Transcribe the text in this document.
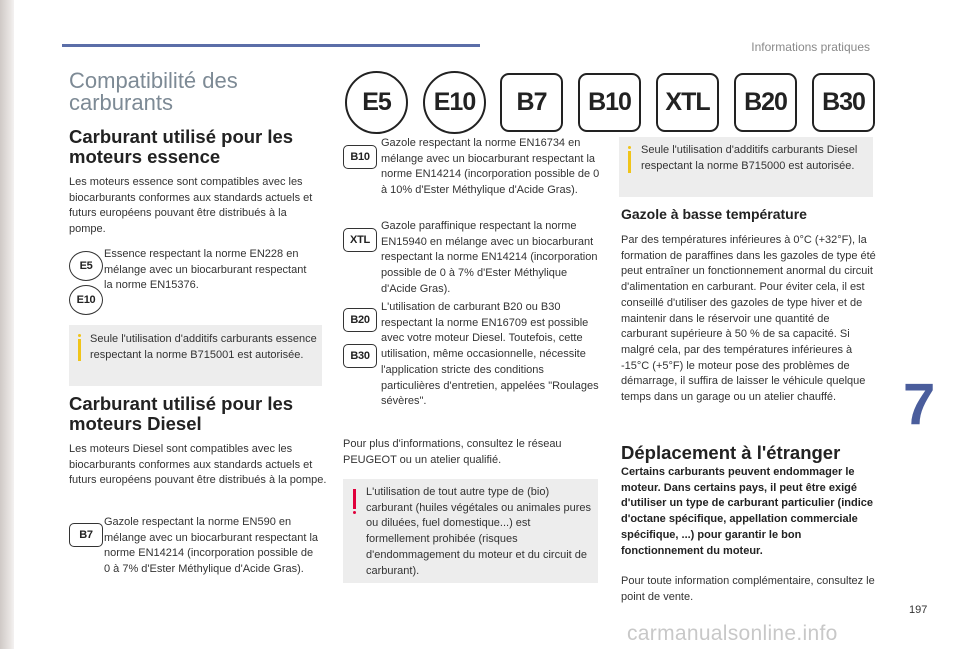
Informations pratiques
Compatibilité des carburants	E5	E10	B7	B10	XTL	B20	B30
Carburant utilisé pour les moteurs essence

Les moteurs essence sont compatibles avec les biocarburants conformes aux standards actuels et futurs européens pouvant être distribués à la pompe.

E5
E10

Essence respectant la norme EN228 en mélange avec un biocarburant respectant la norme EN15376.

Seule l'utilisation d'additifs carburants essence respectant la norme B715001 est autorisée.
Carburant utilisé pour les moteurs Diesel

Les moteurs Diesel sont compatibles avec les biocarburants conformes aux standards actuels et futurs européens pouvant être distribués à la pompe.

B7

Gazole respectant la norme EN590 en mélange avec un biocarburant respectant la norme EN14214 (incorporation possible de 0 à 7% d'Ester Méthylique d'Acide Gras).

B10

Gazole respectant la norme EN16734 en mélange avec un biocarburant respectant la norme EN14214 (incorporation possible de 0 à 10% d'Ester Méthylique d'Acide Gras).

XTL

Gazole paraffinique respectant la norme EN15940 en mélange avec un biocarburant respectant la norme EN14214 (incorporation possible de 0 à 7% d'Ester Méthylique d'Acide Gras).

B20
B30

L'utilisation de carburant B20 ou B30 respectant la norme EN16709 est possible avec votre moteur Diesel. Toutefois, cette utilisation, même occasionnelle, nécessite l'application stricte des conditions particulières d'entretien, appelées "Roulages sévères".

Pour plus d'informations, consultez le réseau PEUGEOT ou un atelier qualifié.

L'utilisation de tout autre type de (bio) carburant (huiles végétales ou animales pures ou diluées, fuel domestique...) est formellement prohibée (risques d'endommagement du moteur et du circuit de carburant).
Seule l'utilisation d'additifs carburants Diesel respectant la norme B715000 est autorisée.
Gazole à basse température

Par des températures inférieures à 0°C (+32°F), la formation de paraffines dans les gazoles de type été peut entraîner un fonctionnement anormal du circuit d'alimentation en carburant. Pour éviter cela, il est conseillé d'utiliser des gazoles de type hiver et de maintenir dans le réservoir une quantité de carburant supérieure à 50 % de sa capacité. Si malgré cela, par des températures inférieures à -15°C (+5°F) le moteur pose des problèmes de démarrage, il suffira de laisser le véhicule quelque temps dans un garage ou un atelier chauffé.

Déplacement à l'étranger

Certains carburants peuvent endommager le moteur. Dans certains pays, il peut être exigé d'utiliser un type de carburant particulier (indice d'octane spécifique, appellation commerciale spécifique, ...) pour garantir le bon fonctionnement du moteur.

Pour toute information complémentaire, consultez le point de vente.

7
197
carmanualsonline.info
